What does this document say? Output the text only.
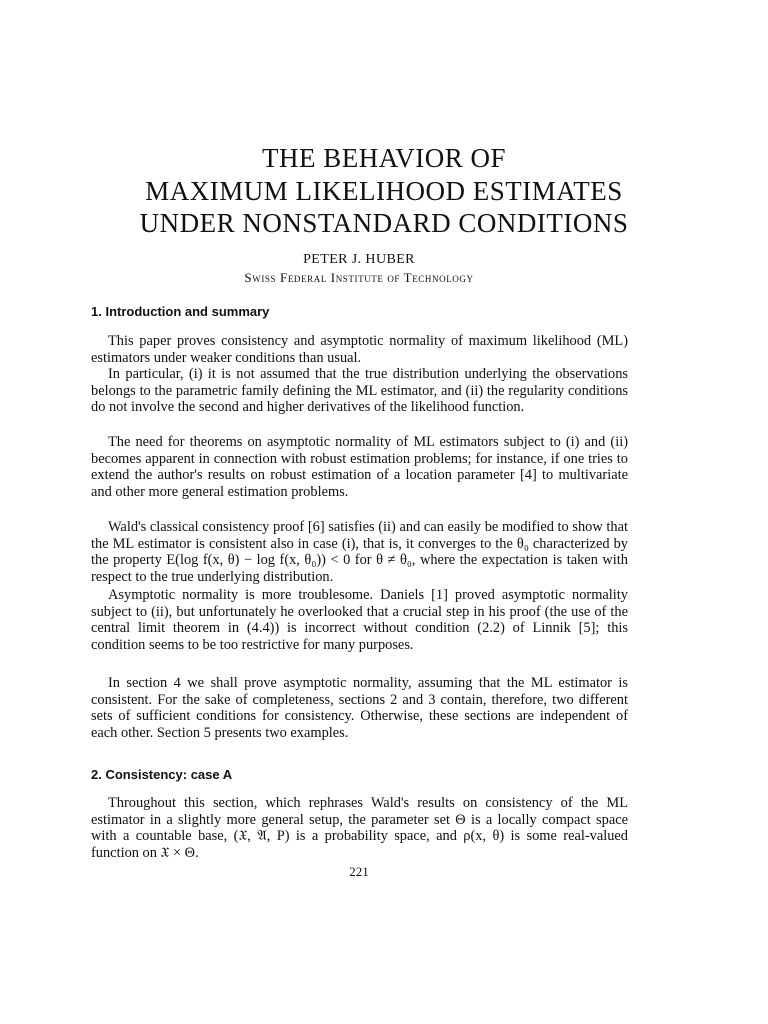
THE BEHAVIOR OF
MAXIMUM LIKELIHOOD ESTIMATES
UNDER NONSTANDARD CONDITIONS
PETER J. HUBER
Swiss Federal Institute of Technology
1. Introduction and summary

This paper proves consistency and asymptotic normality of maximum likelihood (ML) estimators under weaker conditions than usual.

In particular, (i) it is not assumed that the true distribution underlying the observations belongs to the parametric family defining the ML estimator, and (ii) the regularity conditions do not involve the second and higher derivatives of the likelihood function.

The need for theorems on asymptotic normality of ML estimators subject to (i) and (ii) becomes apparent in connection with robust estimation problems; for instance, if one tries to extend the author's results on robust estimation of a location parameter [4] to multivariate and other more general estimation problems.

Wald's classical consistency proof [6] satisfies (ii) and can easily be modified to show that the ML estimator is consistent also in case (i), that is, it converges to the θ₀ characterized by the property E(log f(x, θ) − log f(x, θ₀)) < 0 for θ ≠ θ₀, where the expectation is taken with respect to the true underlying distribution.

Asymptotic normality is more troublesome. Daniels [1] proved asymptotic normality subject to (ii), but unfortunately he overlooked that a crucial step in his proof (the use of the central limit theorem in (4.4)) is incorrect without condition (2.2) of Linnik [5]; this condition seems to be too restrictive for many purposes.

In section 4 we shall prove asymptotic normality, assuming that the ML estimator is consistent. For the sake of completeness, sections 2 and 3 contain, therefore, two different sets of sufficient conditions for consistency. Otherwise, these sections are independent of each other. Section 5 presents two examples.

2. Consistency: case A

Throughout this section, which rephrases Wald's results on consistency of the ML estimator in a slightly more general setup, the parameter set Θ is a locally compact space with a countable base, (𝔛, 𝔄, P) is a probability space, and ρ(x, θ) is some real-valued function on 𝔛 × Θ.

221
